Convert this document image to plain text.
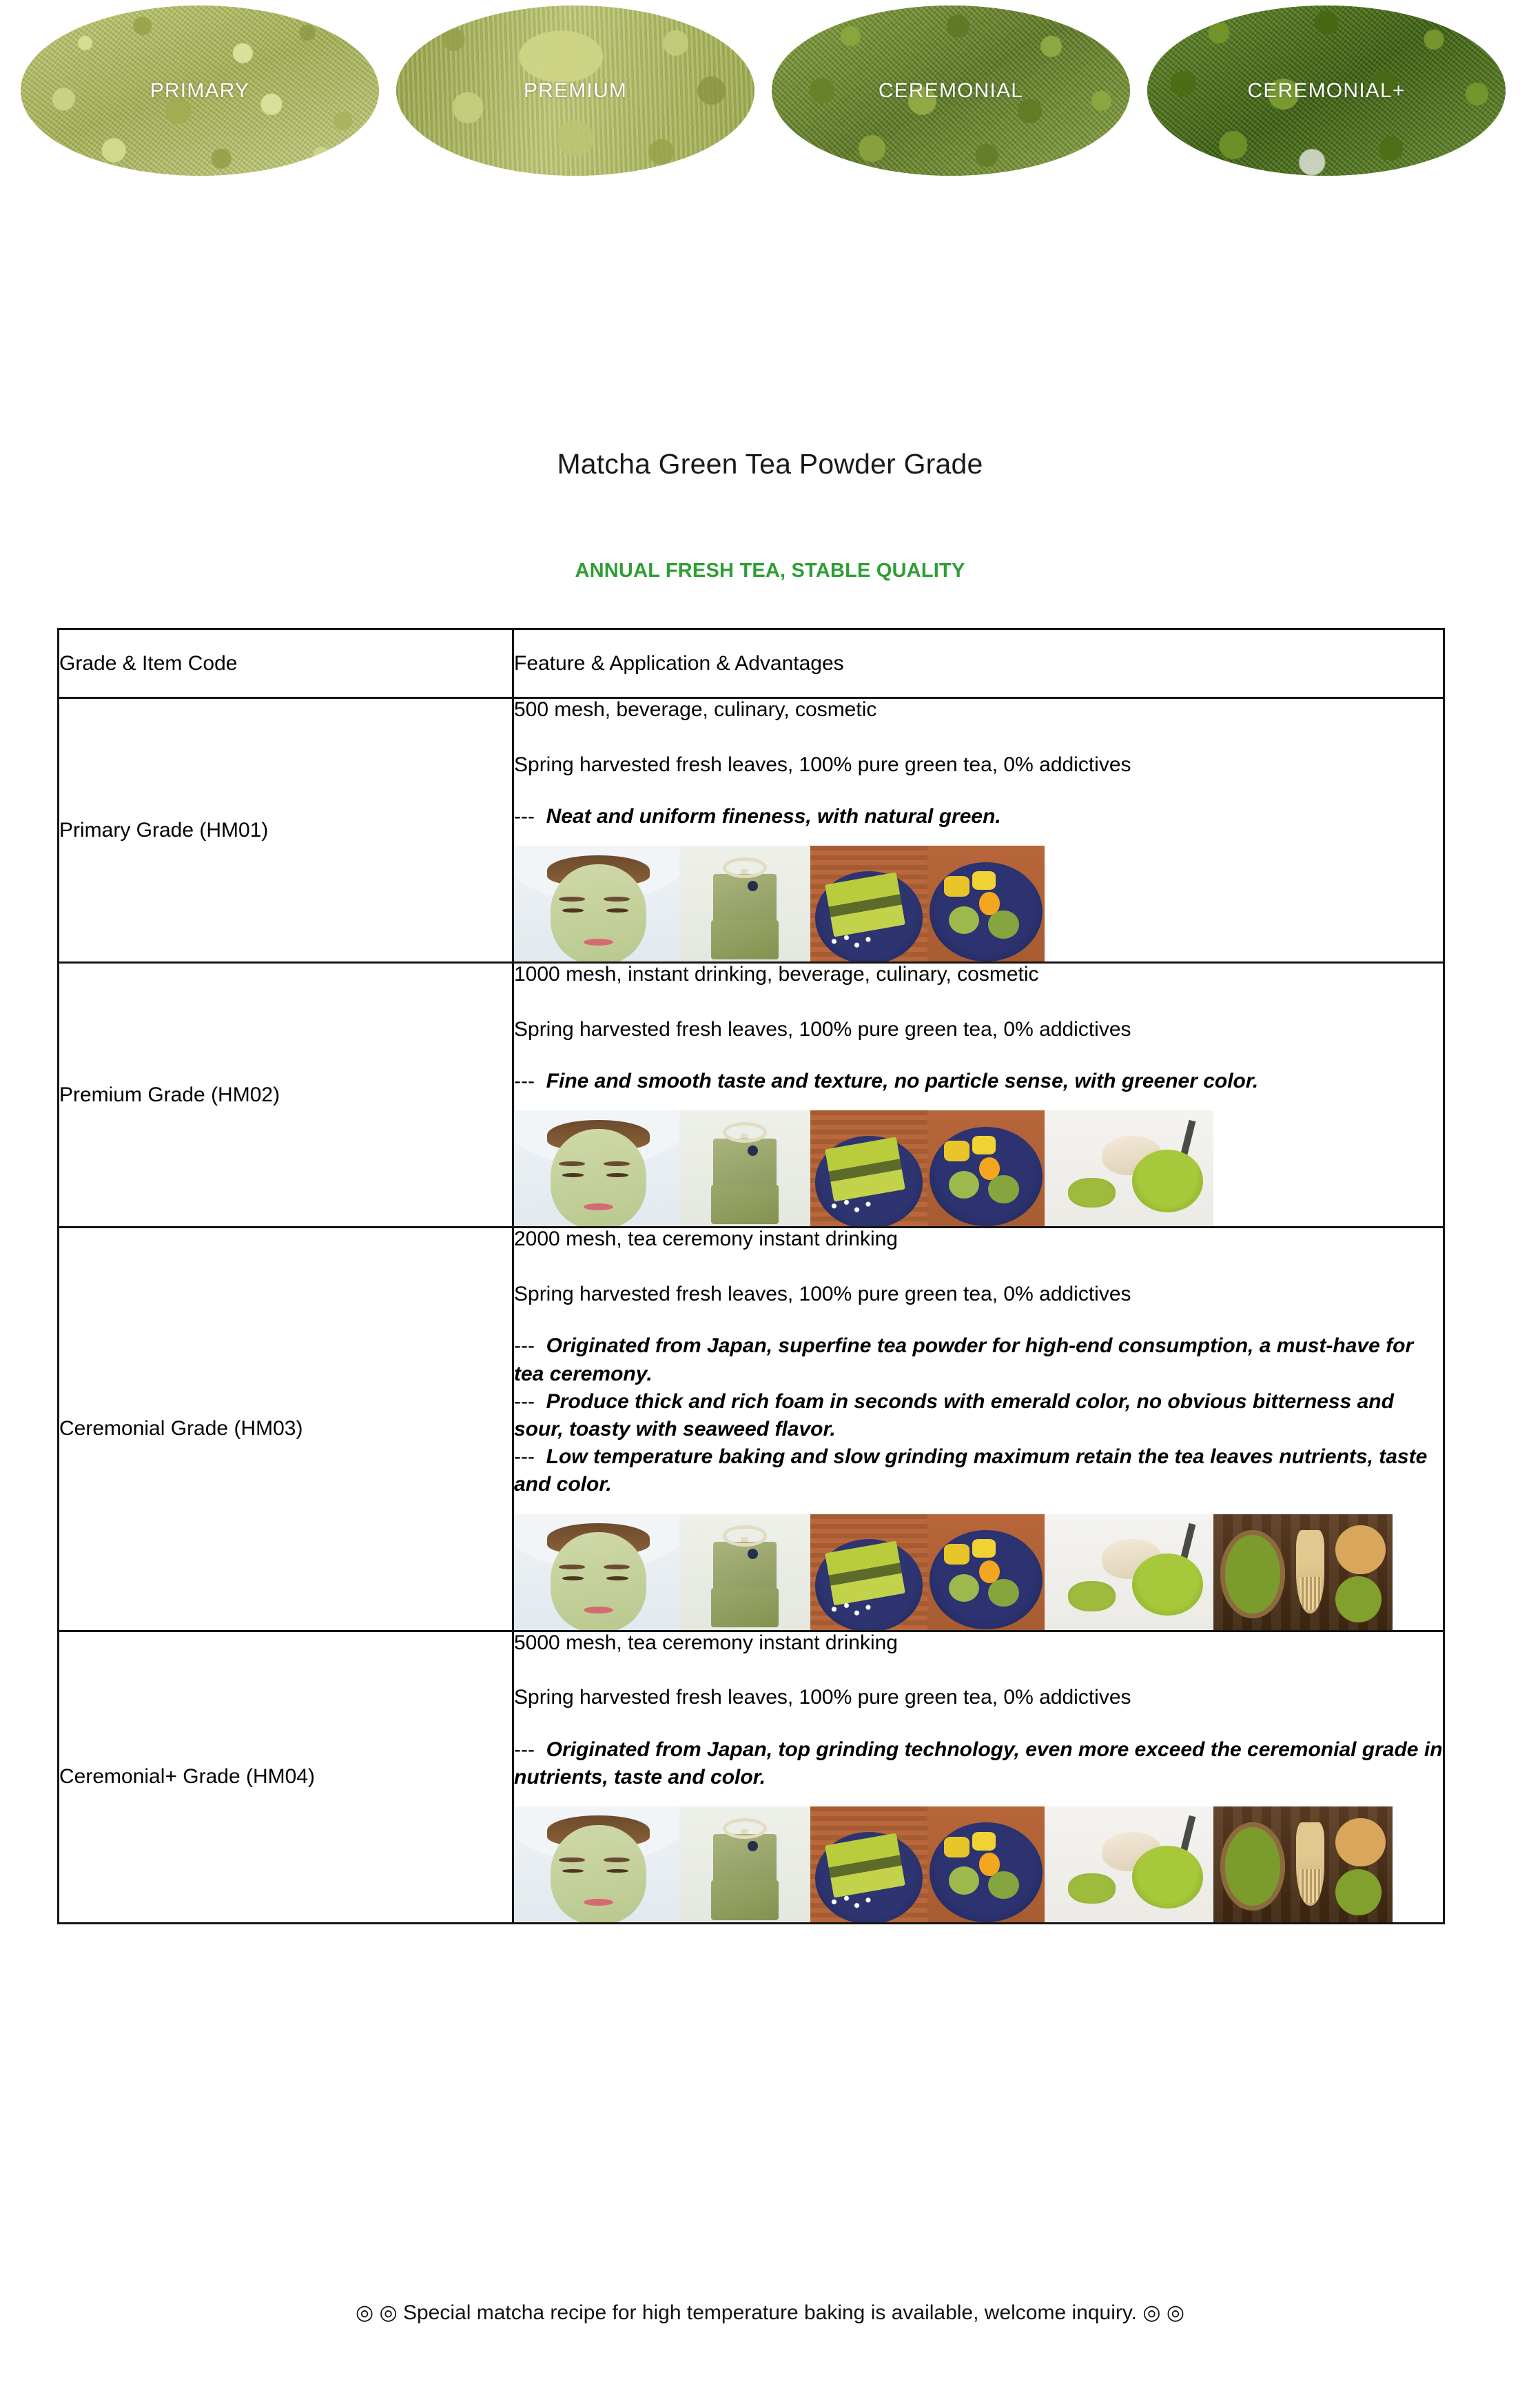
PRIMARY	PREMIUM	CEREMONIAL	CEREMONIAL+
Matcha Green Tea Powder Grade
ANNUAL FRESH TEA, STABLE QUALITY
Grade & Item Code	Feature & Application & Advantages
Primary Grade (HM01)	500 mesh, beverage, culinary, cosmetic

Spring harvested fresh leaves, 100% pure green tea, 0% addictives

--- Neat and uniform fineness, with natural green.

Premium Grade (HM02)	1000 mesh, instant drinking, beverage, culinary, cosmetic

Spring harvested fresh leaves, 100% pure green tea, 0% addictives

--- Fine and smooth taste and texture, no particle sense, with greener color.

Ceremonial Grade (HM03)	2000 mesh, tea ceremony instant drinking

Spring harvested fresh leaves, 100% pure green tea, 0% addictives

--- Originated from Japan, superfine tea powder for high-end consumption, a must-have for tea ceremony.

--- Produce thick and rich foam in seconds with emerald color, no obvious bitterness and sour, toasty with seaweed flavor.

--- Low temperature baking and slow grinding maximum retain the tea leaves nutrients, taste and color.

Ceremonial+ Grade (HM04)	5000 mesh, tea ceremony instant drinking

Spring harvested fresh leaves, 100% pure green tea, 0% addictives

--- Originated from Japan, top grinding technology, even more exceed the ceremonial grade in nutrients, taste and color.

◎ ◎ Special matcha recipe for high temperature baking is available, welcome inquiry. ◎ ◎
